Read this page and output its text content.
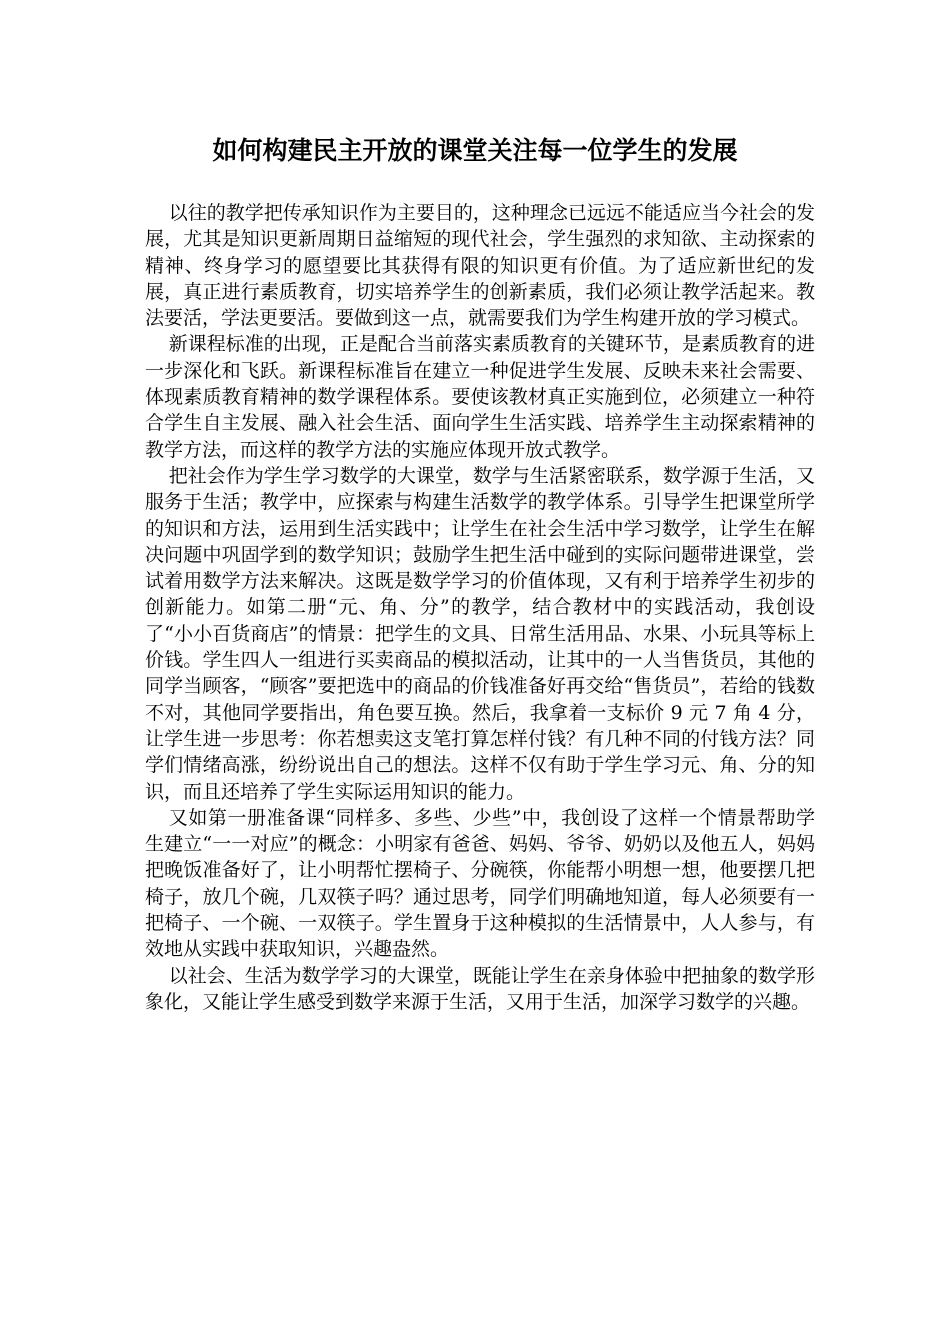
如何构建民主开放的课堂关注每一位学生的发展

以往的教学把传承知识作为主要目的，这种理念已远远不能适应当今社会的发展，尤其是知识更新周期日益缩短的现代社会，学生强烈的求知欲、主动探索的精神、终身学习的愿望要比其获得有限的知识更有价值。为了适应新世纪的发展，真正进行素质教育，切实培养学生的创新素质，我们必须让教学活起来。教法要活，学法更要活。要做到这一点，就需要我们为学生构建开放的学习模式。

新课程标准的出现，正是配合当前落实素质教育的关键环节，是素质教育的进一步深化和飞跃。新课程标准旨在建立一种促进学生发展、反映未来社会需要、体现素质教育精神的数学课程体系。要使该教材真正实施到位，必须建立一种符合学生自主发展、融入社会生活、面向学生生活实践、培养学生主动探索精神的教学方法，而这样的教学方法的实施应体现开放式教学。

把社会作为学生学习数学的大课堂，数学与生活紧密联系，数学源于生活，又服务于生活；教学中，应探索与构建生活数学的教学体系。引导学生把课堂所学的知识和方法，运用到生活实践中；让学生在社会生活中学习数学，让学生在解决问题中巩固学到的数学知识；鼓励学生把生活中碰到的实际问题带进课堂，尝试着用数学方法来解决。这既是数学学习的价值体现，又有利于培养学生初步的创新能力。如第二册“元、角、分”的教学，结合教材中的实践活动，我创设了“小小百货商店”的情景：把学生的文具、日常生活用品、水果、小玩具等标上价钱。学生四人一组进行买卖商品的模拟活动，让其中的一人当售货员，其他的同学当顾客，“顾客”要把选中的商品的价钱准备好再交给“售货员”，若给的钱数不对，其他同学要指出，角色要互换。然后，我拿着一支标价 9 元 7 角 4 分，让学生进一步思考：你若想卖这支笔打算怎样付钱？有几种不同的付钱方法？同学们情绪高涨，纷纷说出自己的想法。这样不仅有助于学生学习元、角、分的知识，而且还培养了学生实际运用知识的能力。

又如第一册准备课“同样多、多些、少些”中，我创设了这样一个情景帮助学生建立“一一对应”的概念：小明家有爸爸、妈妈、爷爷、奶奶以及他五人，妈妈把晚饭准备好了，让小明帮忙摆椅子、分碗筷，你能帮小明想一想，他要摆几把椅子，放几个碗，几双筷子吗？通过思考，同学们明确地知道，每人必须要有一把椅子、一个碗、一双筷子。学生置身于这种模拟的生活情景中，人人参与，有效地从实践中获取知识，兴趣盎然。

以社会、生活为数学学习的大课堂，既能让学生在亲身体验中把抽象的数学形象化，又能让学生感受到数学来源于生活，又用于生活，加深学习数学的兴趣。
